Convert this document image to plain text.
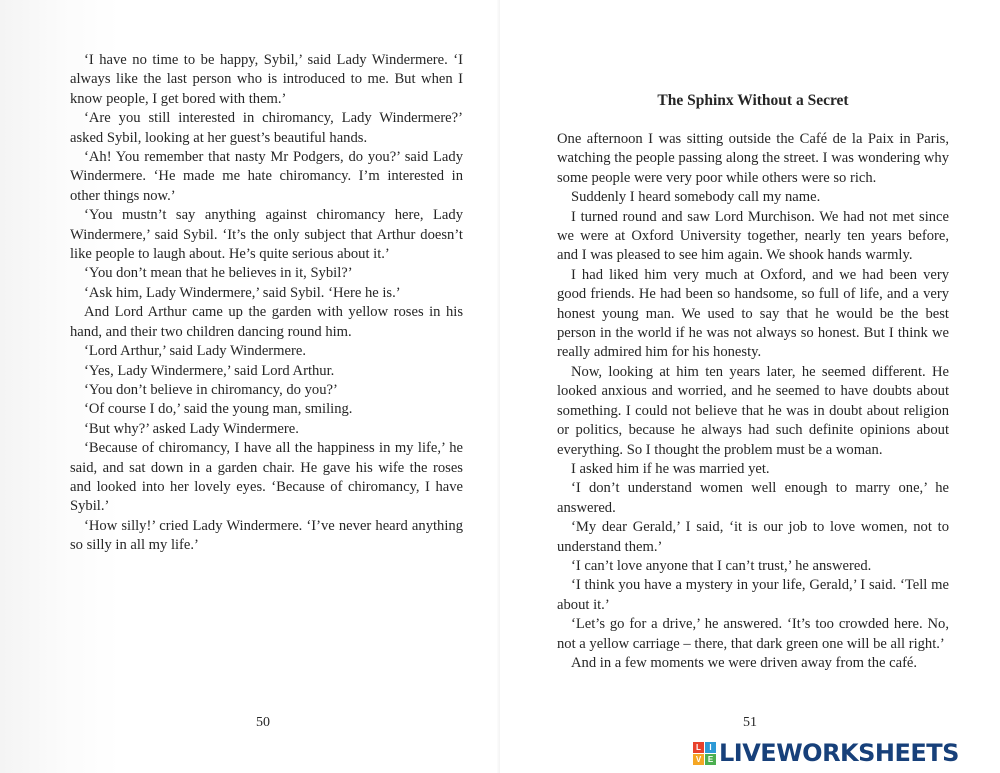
‘I have no time to be happy, Sybil,’ said Lady Windermere. ‘I always like the last person who is introduced to me. But when I know people, I get bored with them.’

‘Are you still interested in chiromancy, Lady Windermere?’ asked Sybil, looking at her guest’s beautiful hands.

‘Ah! You remember that nasty Mr Podgers, do you?’ said Lady Windermere. ‘He made me hate chiromancy. I’m interested in other things now.’

‘You mustn’t say anything against chiromancy here, Lady Windermere,’ said Sybil. ‘It’s the only subject that Arthur doesn’t like people to laugh about. He’s quite serious about it.’

‘You don’t mean that he believes in it, Sybil?’

‘Ask him, Lady Windermere,’ said Sybil. ‘Here he is.’

And Lord Arthur came up the garden with yellow roses in his hand, and their two children dancing round him.

‘Lord Arthur,’ said Lady Windermere.

‘Yes, Lady Windermere,’ said Lord Arthur.

‘You don’t believe in chiromancy, do you?’

‘Of course I do,’ said the young man, smiling.

‘But why?’ asked Lady Windermere.

‘Because of chiromancy, I have all the happiness in my life,’ he said, and sat down in a garden chair. He gave his wife the roses and looked into her lovely eyes. ‘Because of chiromancy, I have Sybil.’

‘How silly!’ cried Lady Windermere. ‘I’ve never heard anything so silly in all my life.’

50
The Sphinx Without a Secret

One afternoon I was sitting outside the Café de la Paix in Paris, watching the people passing along the street. I was wondering why some people were very poor while others were so rich.

Suddenly I heard somebody call my name.

I turned round and saw Lord Murchison. We had not met since we were at Oxford University together, nearly ten years before, and I was pleased to see him again. We shook hands warmly.

I had liked him very much at Oxford, and we had been very good friends. He had been so handsome, so full of life, and a very honest young man. We used to say that he would be the best person in the world if he was not always so honest. But I think we really admired him for his honesty.

Now, looking at him ten years later, he seemed different. He looked anxious and worried, and he seemed to have doubts about something. I could not believe that he was in doubt about religion or politics, because he always had such definite opinions about everything. So I thought the problem must be a woman.

I asked him if he was married yet.

‘I don’t understand women well enough to marry one,’ he answered.

‘My dear Gerald,’ I said, ‘it is our job to love women, not to understand them.’

‘I can’t love anyone that I can’t trust,’ he answered.

‘I think you have a mystery in your life, Gerald,’ I said. ‘Tell me about it.’

‘Let’s go for a drive,’ he answered. ‘It’s too crowded here. No, not a yellow carriage – there, that dark green one will be all right.’

And in a few moments we were driven away from the café.

51
L	I
V E LIVEWORKSHEETS
